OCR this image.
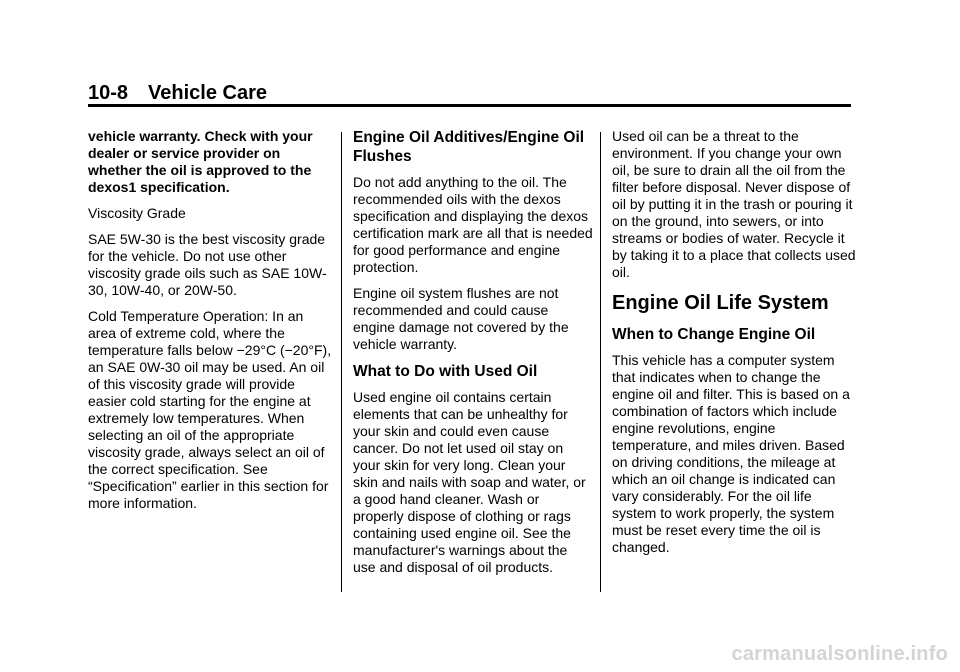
10-8 Vehicle Care

vehicle warranty. Check with your dealer or service provider on whether the oil is approved to the dexos1 specification.

Viscosity Grade

SAE 5W-30 is the best viscosity grade for the vehicle. Do not use other viscosity grade oils such as SAE 10W-30, 10W-40, or 20W-50.

Cold Temperature Operation: In an area of extreme cold, where the temperature falls below −29°C (−20°F), an SAE 0W-30 oil may be used. An oil of this viscosity grade will provide easier cold starting for the engine at extremely low temperatures. When selecting an oil of the appropriate viscosity grade, always select an oil of the correct specification. See “Specification” earlier in this section for more information.

Engine Oil Additives/Engine Oil Flushes

Do not add anything to the oil. The recommended oils with the dexos specification and displaying the dexos certification mark are all that is needed for good performance and engine protection.

Engine oil system flushes are not recommended and could cause engine damage not covered by the vehicle warranty.

What to Do with Used Oil

Used engine oil contains certain elements that can be unhealthy for your skin and could even cause cancer. Do not let used oil stay on your skin for very long. Clean your skin and nails with soap and water, or a good hand cleaner. Wash or properly dispose of clothing or rags containing used engine oil. See the manufacturer's warnings about the use and disposal of oil products.

Used oil can be a threat to the environment. If you change your own oil, be sure to drain all the oil from the filter before disposal. Never dispose of oil by putting it in the trash or pouring it on the ground, into sewers, or into streams or bodies of water. Recycle it by taking it to a place that collects used oil.

Engine Oil Life System
When to Change Engine Oil

This vehicle has a computer system that indicates when to change the engine oil and filter. This is based on a combination of factors which include engine revolutions, engine temperature, and miles driven. Based on driving conditions, the mileage at which an oil change is indicated can vary considerably. For the oil life system to work properly, the system must be reset every time the oil is changed.

carmanualsonline.info
